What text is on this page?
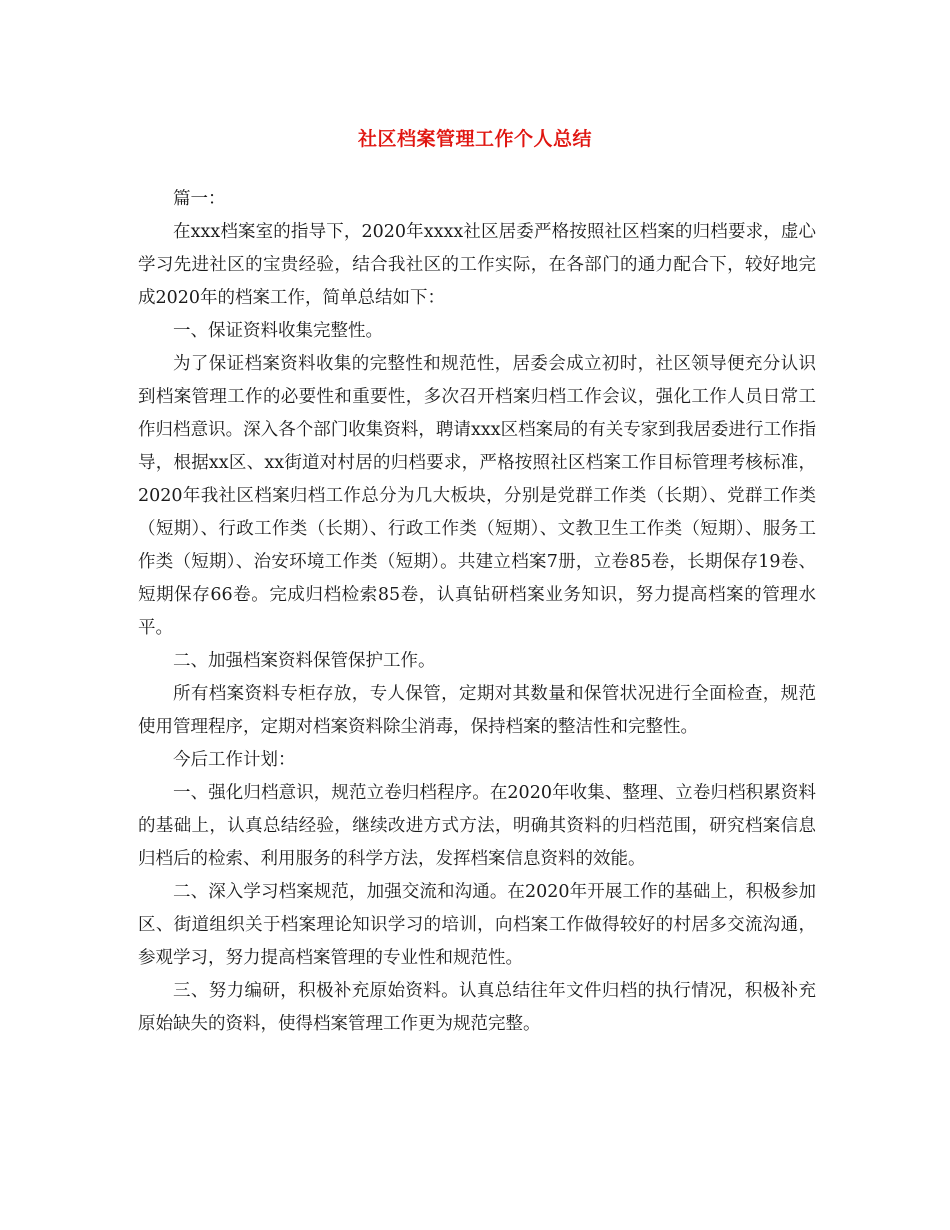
社区档案管理工作个人总结

篇一：

在xxx档案室的指导下，2020年xxxx社区居委严格按照社区档案的归档要求，虚心学习先进社区的宝贵经验，结合我社区的工作实际，在各部门的通力配合下，较好地完成2020年的档案工作，简单总结如下：

一、保证资料收集完整性。

为了保证档案资料收集的完整性和规范性，居委会成立初时，社区领导便充分认识到档案管理工作的必要性和重要性，多次召开档案归档工作会议，强化工作人员日常工作归档意识。深入各个部门收集资料，聘请xxx区档案局的有关专家到我居委进行工作指导，根据xx区、xx街道对村居的归档要求，严格按照社区档案工作目标管理考核标准，2020年我社区档案归档工作总分为几大板块，分别是党群工作类（长期）、党群工作类（短期）、行政工作类（长期）、行政工作类（短期）、文教卫生工作类（短期）、服务工作类（短期）、治安环境工作类（短期）。共建立档案7册，立卷85卷，长期保存19卷、短期保存66卷。完成归档检索85卷，认真钻研档案业务知识，努力提高档案的管理水平。

二、加强档案资料保管保护工作。

所有档案资料专柜存放，专人保管，定期对其数量和保管状况进行全面检查，规范使用管理程序，定期对档案资料除尘消毒，保持档案的整洁性和完整性。

今后工作计划：

一、强化归档意识，规范立卷归档程序。在2020年收集、整理、立卷归档积累资料的基础上，认真总结经验，继续改进方式方法，明确其资料的归档范围，研究档案信息归档后的检索、利用服务的科学方法，发挥档案信息资料的效能。

二、深入学习档案规范，加强交流和沟通。在2020年开展工作的基础上，积极参加区、街道组织关于档案理论知识学习的培训，向档案工作做得较好的村居多交流沟通，参观学习，努力提高档案管理的专业性和规范性。

三、努力编研，积极补充原始资料。认真总结往年文件归档的执行情况，积极补充原始缺失的资料，使得档案管理工作更为规范完整。
